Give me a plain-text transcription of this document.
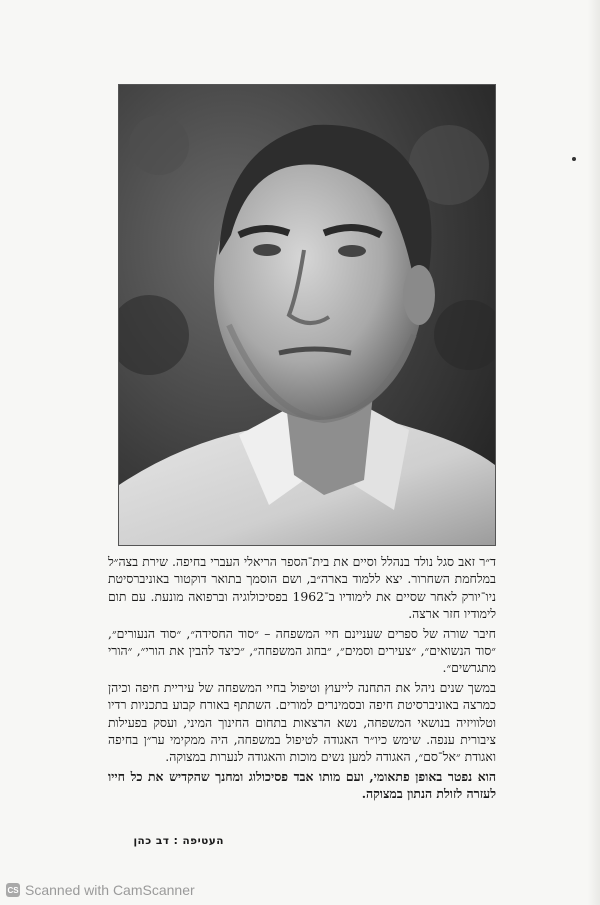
ד״ר זאב סגל נולד בנהלל וסיים את בית־הספר הריאלי העברי בחיפה. שירת בצה״ל במלחמת השחרור. יצא ללמוד בארה״ב, ושם הוסמך בתואר דוקטור באוניברסיטת ניו־יורק לאחר שסיים את לימודיו ב־1962 בפסיכולוגיה וברפואה מונעת. עם תום לימודיו חזר ארצה.

חיבר שורה של ספרים שעניינם חיי המשפחה – ״סוד החסידה״, ״סוד הנעורים״, ״סוד הנשואים״, ״צעירים וסמים״, ״בחוג המשפחה״, ״כיצד להבין את הורי״, ״הורי מתגרשים״.

במשך שנים ניהל את התחנה לייעוץ וטיפול בחיי המשפחה של עיריית חיפה וכיהן כמרצה באוניברסיטת חיפה ובסמינרים למורים. השתתף באורח קבוע בתכניות רדיו וטלוויזיה בנושאי המשפחה, נשא הרצאות בתחום החינוך המיני, ועסק בפעילות ציבורית ענפה. שימש כיו״ר האגודה לטיפול במשפחה, היה ממקימי ער״ן בחיפה ואגודת ״אל־סם״, האגודה למען נשים מוכות והאגודה לנערות במצוקה.

הוא נפטר באופן פתאומי, ועם מותו אבד פסיכולוג ומחנך שהקדיש את כל חייו לעזרה לזולת הנתון במצוקה.

העטיפה : דב כהן
CS Scanned with CamScanner
